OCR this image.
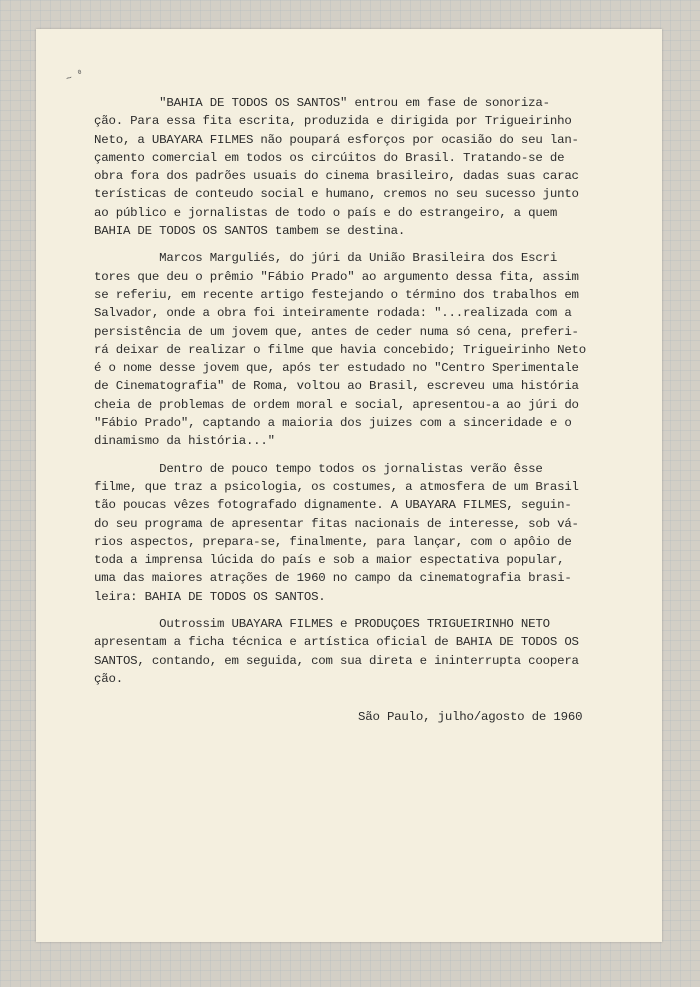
~ ⁰
"BAHIA DE TODOS OS SANTOS" entrou em fase de sonoriza-
ção. Para essa fita escrita, produzida e dirigida por Trigueirinho
Neto, a UBAYARA FILMES não poupará esforços por ocasião do seu lan-
çamento comercial em todos os circúitos do Brasil. Tratando-se de
obra fora dos padrões usuais do cinema brasileiro, dadas suas carac
terísticas de conteudo social e humano, cremos no seu sucesso junto
ao público e jornalistas de todo o país e do estrangeiro, a quem
BAHIA DE TODOS OS SANTOS tambem se destina.
Marcos Marguliés, do júri da União Brasileira dos Escri
tores que deu o prêmio "Fábio Prado" ao argumento dessa fita, assim
se referiu, em recente artigo festejando o término dos trabalhos em
Salvador, onde a obra foi inteiramente rodada: "...realizada com a
persistência de um jovem que, antes de ceder numa só cena, preferi-
rá deixar de realizar o filme que havia concebido; Trigueirinho Neto
é o nome desse jovem que, após ter estudado no "Centro Sperimentale
de Cinematografia" de Roma, voltou ao Brasil, escreveu uma história
cheia de problemas de ordem moral e social, apresentou-a ao júri do
"Fábio Prado", captando a maioria dos juizes com a sinceridade e o
dinamismo da história..."
Dentro de pouco tempo todos os jornalistas verão êsse
filme, que traz a psicologia, os costumes, a atmosfera de um Brasil
tão poucas vêzes fotografado dignamente. A UBAYARA FILMES, seguin-
do seu programa de apresentar fitas nacionais de interesse, sob vá-
rios aspectos, prepara-se, finalmente, para lançar, com o apôio de
toda a imprensa lúcida do país e sob a maior espectativa popular,
uma das maiores atrações de 1960 no campo da cinematografia brasi-
leira: BAHIA DE TODOS OS SANTOS.
Outrossim UBAYARA FILMES e PRODUÇOES TRIGUEIRINHO NETO
apresentam a ficha técnica e artística oficial de BAHIA DE TODOS OS
SANTOS, contando, em seguida, com sua direta e ininterrupta coopera
ção.
São Paulo, julho/agosto de 1960
